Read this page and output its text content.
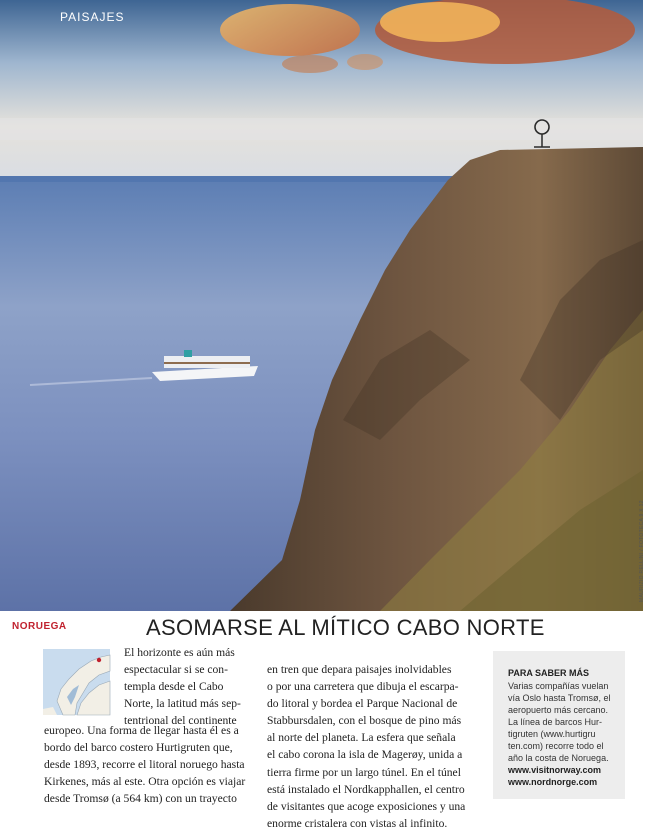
PAISAJES
MAURIZIO RELLINI / FOTOTECA 9 X 12
NORUEGA	ASOMARSE AL MÍTICO CABO NORTE
El horizonte es aún más
espectacular si se con-
templa desde el Cabo
Norte, la latitud más sep-
tentrional del continente
europeo. Una forma de llegar hasta él es a
bordo del barco costero Hurtigruten que,
desde 1893, recorre el litoral noruego hasta
Kirkenes, más al este. Otra opción es viajar
desde Tromsø (a 564 km) con un trayecto
en tren que depara paisajes inolvidables
o por una carretera que dibuja el escarpa-
do litoral y bordea el Parque Nacional de
Stabbursdalen, con el bosque de pino más
al norte del planeta. La esfera que señala
el cabo corona la isla de Magerøy, unida a
tierra firme por un largo túnel. En el túnel
está instalado el Nordkapphallen, el centro
de visitantes que acoge exposiciones y una
enorme cristalera con vistas al infinito.
PARA SABER MÁS
Varias compañías vuelan
vía Oslo hasta Tromsø, el
aeropuerto más cercano.
La línea de barcos Hur-
tigruten (www.hurtigru
ten.com) recorre todo el
año la costa de Noruega.
www.visitnorway.com
www.nordnorge.com
